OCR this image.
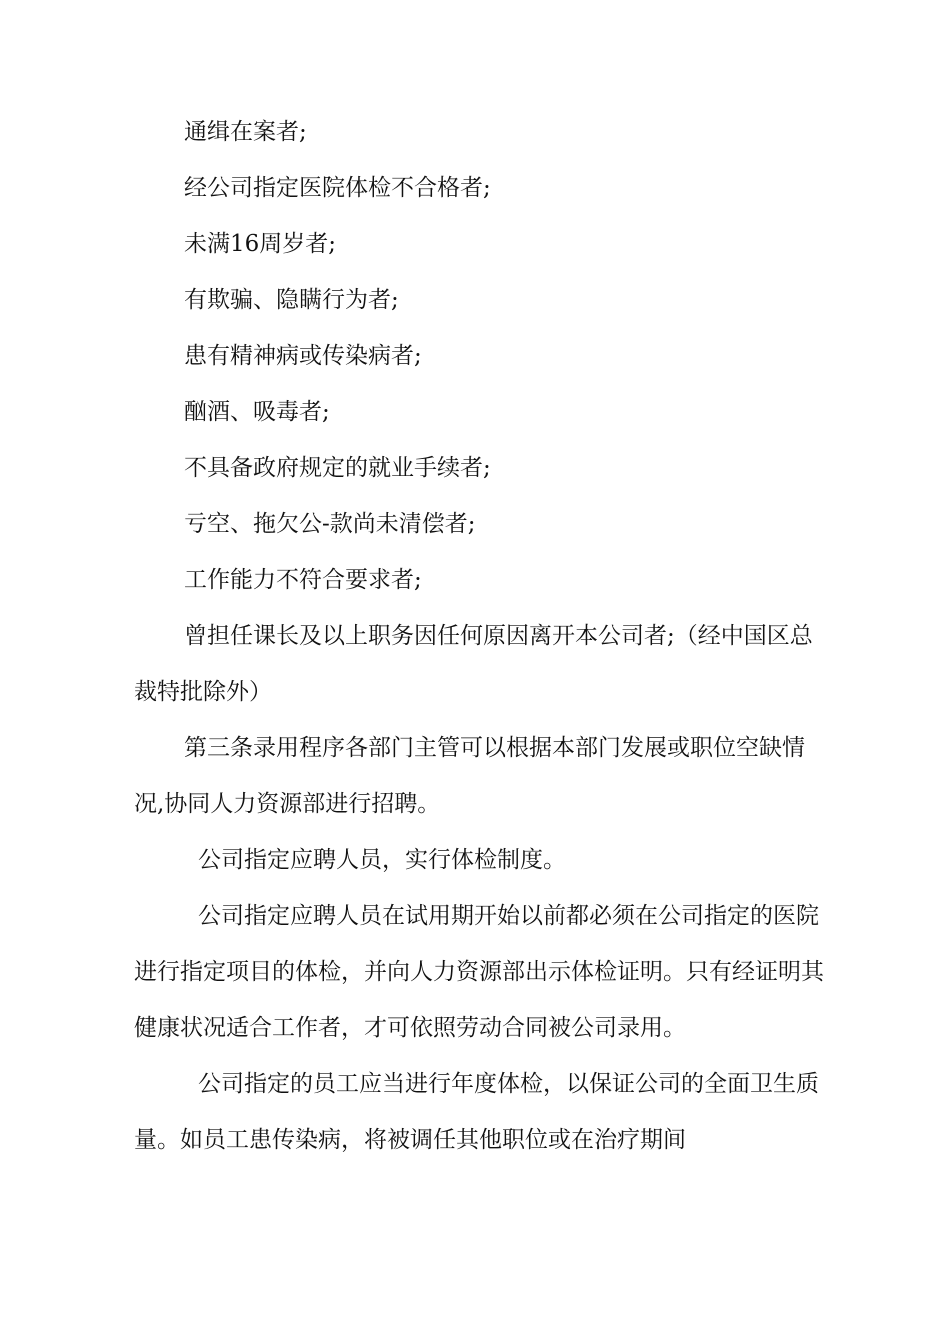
通缉在案者;

经公司指定医院体检不合格者;

未满16周岁者;

有欺骗、隐瞒行为者;

患有精神病或传染病者;

酗酒、吸毒者;

不具备政府规定的就业手续者;

亏空、拖欠公-款尚未清偿者;

工作能力不符合要求者;

曾担任课长及以上职务因任何原因离开本公司者;（经中国区总裁特批除外）

第三条录用程序各部门主管可以根据本部门发展或职位空缺情况,协同人力资源部进行招聘。

公司指定应聘人员，实行体检制度。

公司指定应聘人员在试用期开始以前都必须在公司指定的医院进行指定项目的体检，并向人力资源部出示体检证明。只有经证明其健康状况适合工作者，才可依照劳动合同被公司录用。

公司指定的员工应当进行年度体检，以保证公司的全面卫生质量。如员工患传染病，将被调任其他职位或在治疗期间
